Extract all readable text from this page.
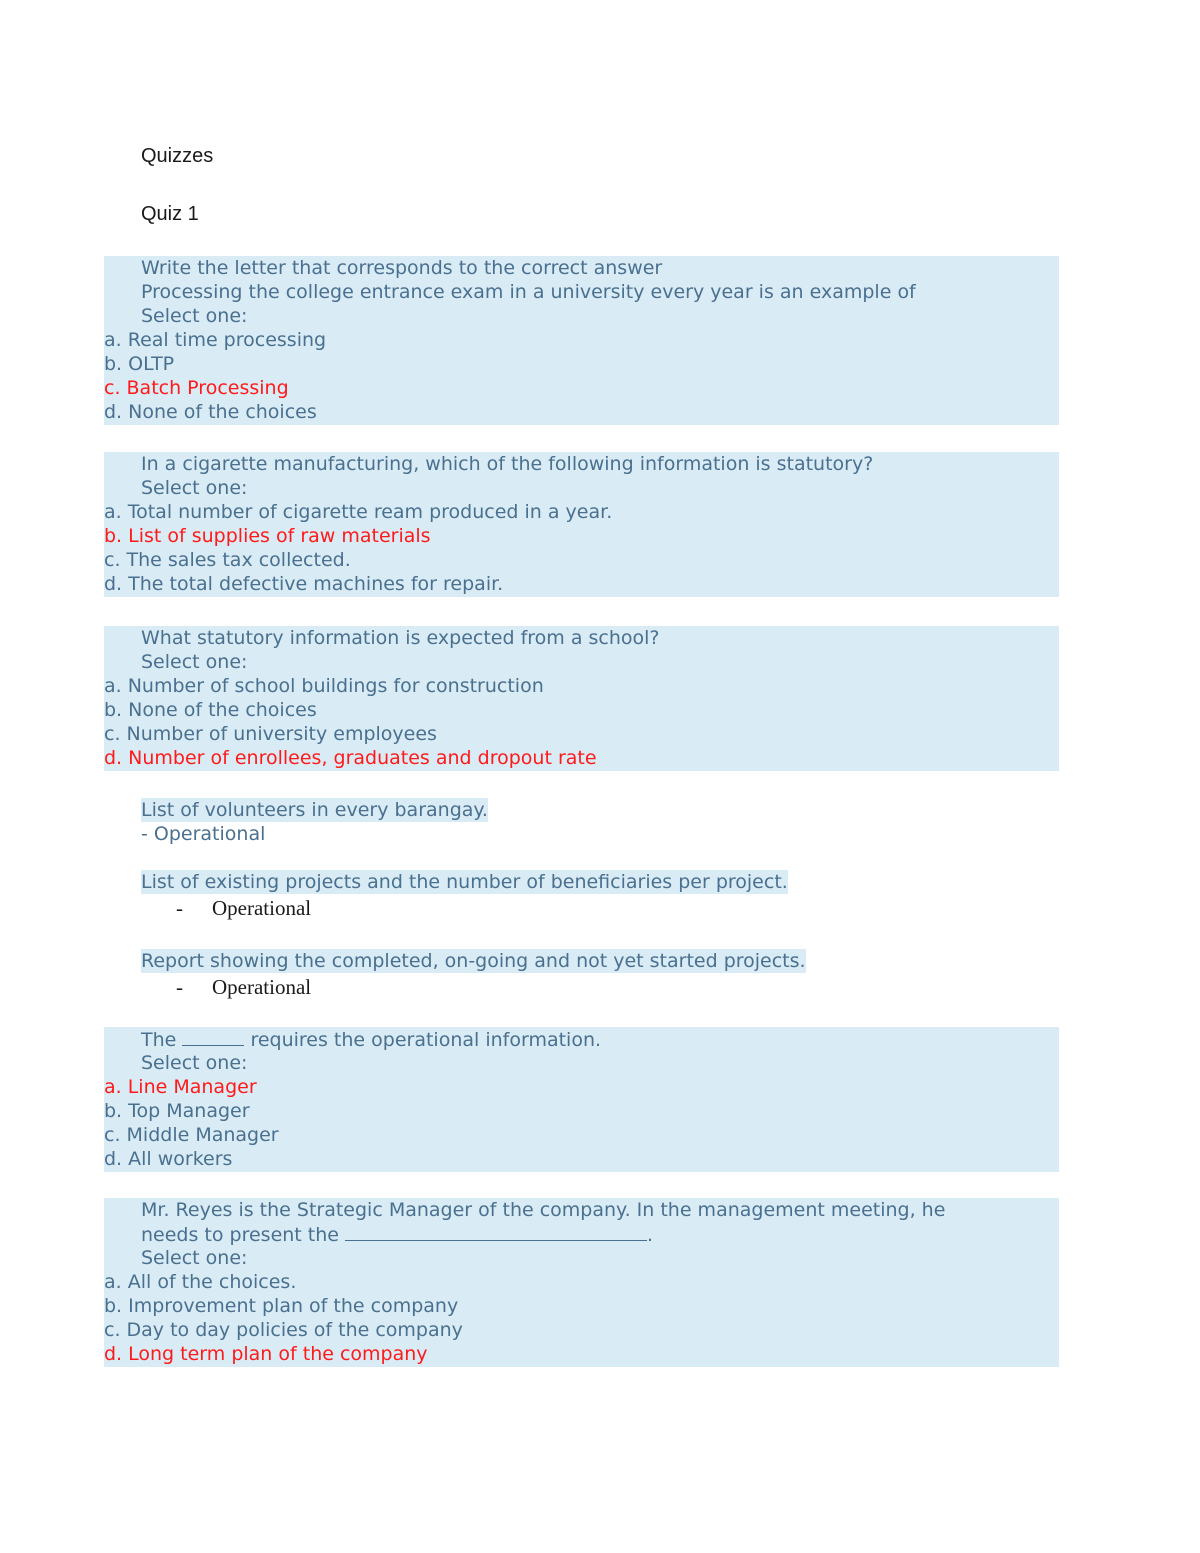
Quizzes
Quiz 1
Write the letter that corresponds to the correct answer
Processing the college entrance exam in a university every year is an example of
Select one:
a. Real time processing
b. OLTP
c. Batch Processing
d. None of the choices
In a cigarette manufacturing, which of the following information is statutory?
Select one:
a. Total number of cigarette ream produced in a year.
b. List of supplies of raw materials
c. The sales tax collected.
d. The total defective machines for repair.
What statutory information is expected from a school?
Select one:
a. Number of school buildings for construction
b. None of the choices
c. Number of university employees
d. Number of enrollees, graduates and dropout rate
List of volunteers in every barangay.
- Operational
List of existing projects and the number of beneficiaries per project.
- Operational
Report showing the completed, on-going and not yet started projects.
- Operational
The	requires the operational information.
Select one:
a. Line Manager
b. Top Manager
c. Middle Manager
d. All workers
Mr. Reyes is the Strategic Manager of the company. In the management meeting, he
needs to present the	.
Select one:
a. All of the choices.
b. Improvement plan of the company
c. Day to day policies of the company
d. Long term plan of the company
